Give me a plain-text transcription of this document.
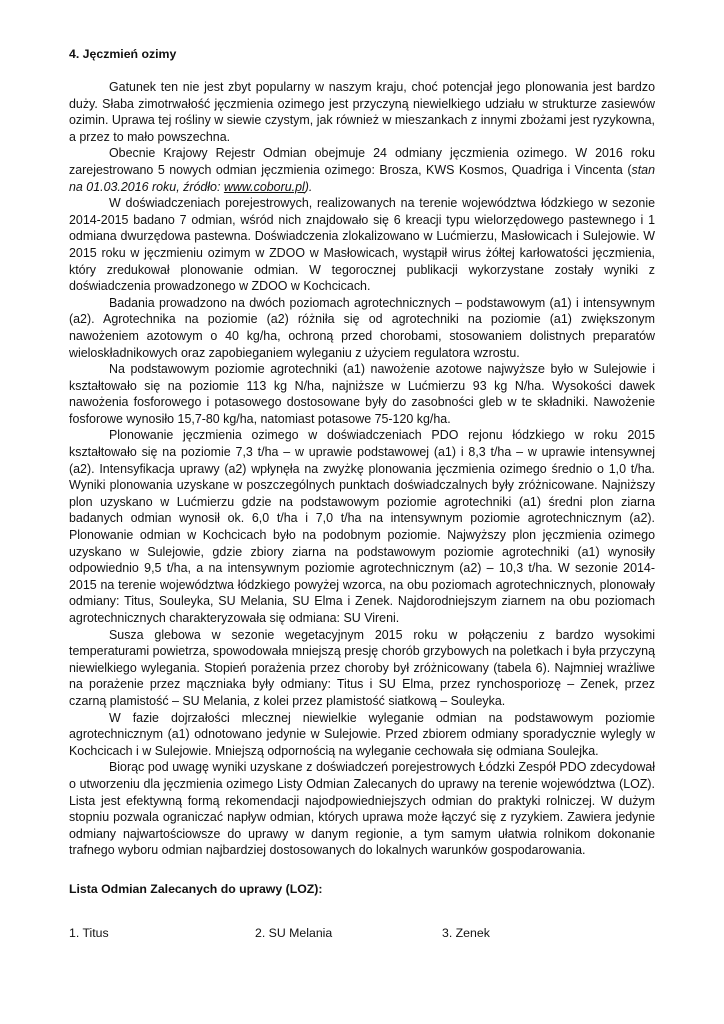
4. Jęczmień ozimy

Gatunek ten nie jest zbyt popularny w naszym kraju, choć potencjał jego plonowania jest bardzo duży. Słaba zimotrwałość jęczmienia ozimego jest przyczyną niewielkiego udziału w strukturze zasiewów ozimin. Uprawa tej rośliny w siewie czystym, jak również w mieszankach z innymi zbożami jest ryzykowna, a przez to mało powszechna.

Obecnie Krajowy Rejestr Odmian obejmuje 24 odmiany jęczmienia ozimego. W 2016 roku zarejestrowano 5 nowych odmian jęczmienia ozimego: Brosza, KWS Kosmos, Quadriga i Vincenta (stan na 01.03.2016 roku, źródło: www.coboru.pl).

W doświadczeniach porejestrowych, realizowanych na terenie województwa łódzkiego w sezonie 2014-2015 badano 7 odmian, wśród nich znajdowało się 6 kreacji typu wielorzędowego pastewnego i 1 odmiana dwurzędowa pastewna. Doświadczenia zlokalizowano w Lućmierzu, Masłowicach i Sulejowie. W 2015 roku w jęczmieniu ozimym w ZDOO w Masłowicach, wystąpił wirus żółtej karłowatości jęczmienia, który zredukował plonowanie odmian. W tegorocznej publikacji wykorzystane zostały wyniki z doświadczenia prowadzonego w ZDOO w Kochcicach.

Badania prowadzono na dwóch poziomach agrotechnicznych – podstawowym (a1) i intensywnym (a2). Agrotechnika na poziomie (a2) różniła się od agrotechniki na poziomie (a1) zwiększonym nawożeniem azotowym o 40 kg/ha, ochroną przed chorobami, stosowaniem dolistnych preparatów wieloskładnikowych oraz zapobieganiem wyleganiu z użyciem regulatora wzrostu.

Na podstawowym poziomie agrotechniki (a1) nawożenie azotowe najwyższe było w Sulejowie i kształtowało się na poziomie 113 kg N/ha, najniższe w Lućmierzu 93 kg N/ha. Wysokości dawek nawożenia fosforowego i potasowego dostosowane były do zasobności gleb w te składniki. Nawożenie fosforowe wynosiło 15,7-80 kg/ha, natomiast potasowe 75-120 kg/ha.

Plonowanie jęczmienia ozimego w doświadczeniach PDO rejonu łódzkiego w roku 2015 kształtowało się na poziomie 7,3 t/ha – w uprawie podstawowej (a1) i 8,3 t/ha – w uprawie intensywnej (a2). Intensyfikacja uprawy (a2) wpłynęła na zwyżkę plonowania jęczmienia ozimego średnio o 1,0 t/ha. Wyniki plonowania uzyskane w poszczególnych punktach doświadczalnych były zróżnicowane. Najniższy plon uzyskano w Lućmierzu gdzie na podstawowym poziomie agrotechniki (a1) średni plon ziarna badanych odmian wynosił ok. 6,0 t/ha i 7,0 t/ha na intensywnym poziomie agrotechnicznym (a2). Plonowanie odmian w Kochcicach było na podobnym poziomie. Najwyższy plon jęczmienia ozimego uzyskano w Sulejowie, gdzie zbiory ziarna na podstawowym poziomie agrotechniki (a1) wynosiły odpowiednio 9,5 t/ha, a na intensywnym poziomie agrotechnicznym (a2) – 10,3 t/ha. W sezonie 2014-2015 na terenie województwa łódzkiego powyżej wzorca, na obu poziomach agrotechnicznych, plonowały odmiany: Titus, Souleyka, SU Melania, SU Elma i Zenek. Najdorodniejszym ziarnem na obu poziomach agrotechnicznych charakteryzowała się odmiana: SU Vireni.

Susza glebowa w sezonie wegetacyjnym 2015 roku w połączeniu z bardzo wysokimi temperaturami powietrza, spowodowała mniejszą presję chorób grzybowych na poletkach i była przyczyną niewielkiego wylegania. Stopień porażenia przez choroby był zróżnicowany (tabela 6). Najmniej wrażliwe na porażenie przez mączniaka były odmiany: Titus i SU Elma, przez rynchosporiozę – Zenek, przez czarną plamistość – SU Melania, z kolei przez plamistość siatkową – Souleyka.

W fazie dojrzałości mlecznej niewielkie wyleganie odmian na podstawowym poziomie agrotechnicznym (a1) odnotowano jedynie w Sulejowie. Przed zbiorem odmiany sporadycznie wylegly w Kochcicach i w Sulejowie. Mniejszą odpornością na wyleganie cechowała się odmiana Soulejka.

Biorąc pod uwagę wyniki uzyskane z doświadczeń porejestrowych Łódzki Zespół PDO zdecydował o utworzeniu dla jęczmienia ozimego Listy Odmian Zalecanych do uprawy na terenie województwa (LOZ). Lista jest efektywną formą rekomendacji najodpowiedniejszych odmian do praktyki rolniczej. W dużym stopniu pozwala ograniczać napływ odmian, których uprawa może łączyć się z ryzykiem. Zawiera jedynie odmiany najwartościowsze do uprawy w danym regionie, a tym samym ułatwia rolnikom dokonanie trafnego wyboru odmian najbardziej dostosowanych do lokalnych warunków gospodarowania.

Lista Odmian Zalecanych do uprawy (LOZ):

1. Titus	2. SU Melania	3. Zenek
